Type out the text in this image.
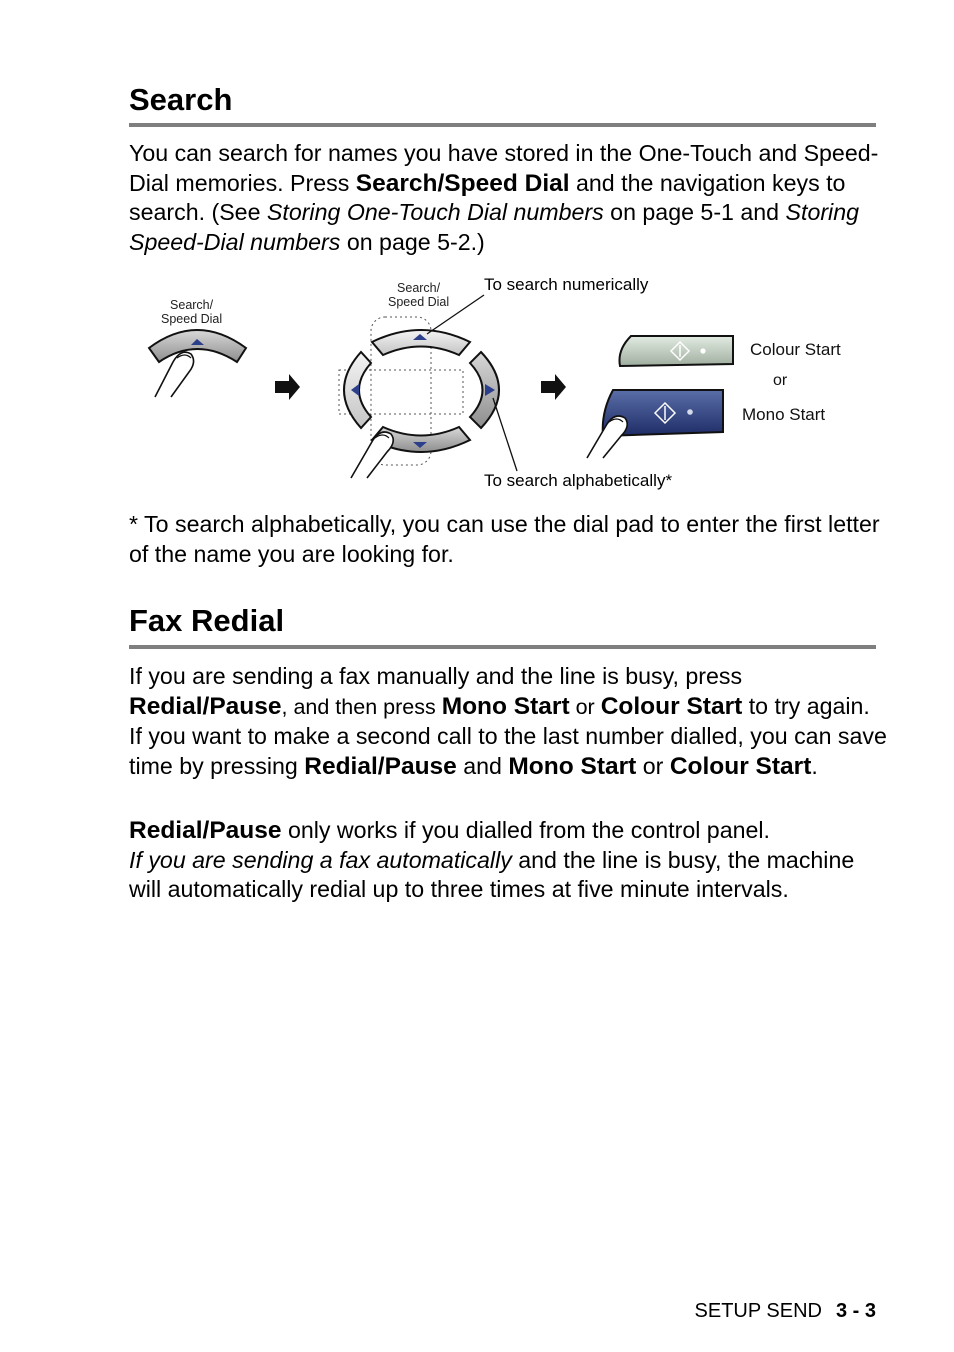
Search

You can search for names you have stored in the One-Touch and Speed-Dial memories. Press Search/Speed Dial and the navigation keys to search. (See Storing One-Touch Dial numbers on page 5-1 and Storing Speed-Dial numbers on page 5-2.)

Search/
Speed Dial
Search/
Speed Dial
To search numerically
To search alphabetically*
Colour Start
or
Mono Start

* To search alphabetically, you can use the dial pad to enter the first letter of the name you are looking for.

Fax Redial

If you are sending a fax manually and the line is busy, press Redial/Pause, and then press Mono Start or Colour Start to try again. If you want to make a second call to the last number dialled, you can save time by pressing Redial/Pause and Mono Start or Colour Start.

Redial/Pause only works if you dialled from the control panel.
If you are sending a fax automatically and the line is busy, the machine will automatically redial up to three times at five minute intervals.

SETUP SEND 3 - 3
